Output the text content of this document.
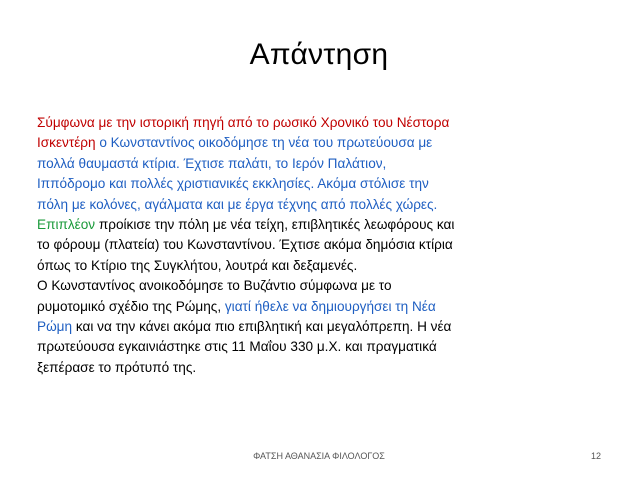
Απάντηση
Σύμφωνα με την ιστορική πηγή από το ρωσικό Χρονικό του Νέστορα
Ισκεντέρη ο Κωνσταντίνος οικοδόμησε τη νέα του πρωτεύουσα με
πολλά θαυμαστά κτίρια. Έχτισε παλάτι, το Ιερόν Παλάτιον,
Ιππόδρομο και πολλές χριστιανικές εκκλησίες. Ακόμα στόλισε την
πόλη με κολόνες, αγάλματα και με έργα τέχνης από πολλές χώρες.
Επιπλέον προίκισε την πόλη με νέα τείχη, επιβλητικές λεωφόρους και
το φόρουμ (πλατεία) του Κωνσταντίνου. Έχτισε ακόμα δημόσια κτίρια
όπως το Κτίριο της Συγκλήτου, λουτρά και δεξαμενές.
Ο Κωνσταντίνος ανοικοδόμησε το Βυζάντιο σύμφωνα με το
ρυμοτομικό σχέδιο της Ρώμης, γιατί ήθελε να δημιουργήσει τη Νέα
Ρώμη και να την κάνει ακόμα πιο επιβλητική και μεγαλόπρεπη. Η νέα
πρωτεύουσα εγκαινιάστηκε στις 11 Μαΐου 330 μ.Χ. και πραγματικά
ξεπέρασε το πρότυπό της.
ΦΑΤΣΗ ΑΘΑΝΑΣΙΑ ΦΙΛΟΛΟΓΟΣ	12
